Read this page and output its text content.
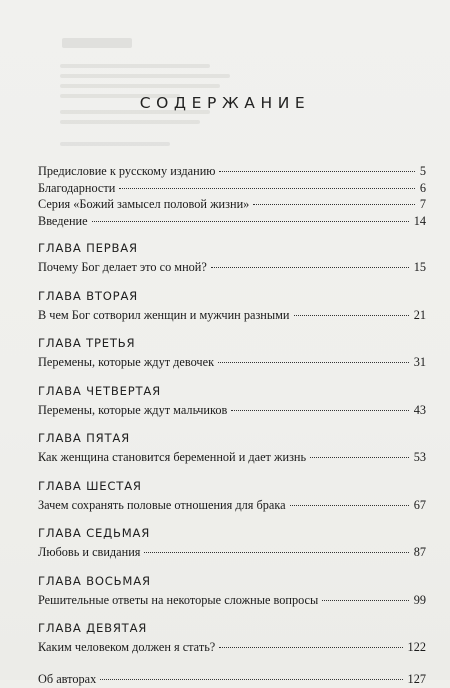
СОДЕРЖАНИЕ
Предисловие к русскому изданию	5
Благодарности	6
Серия «Божий замысел половой жизни»	7
Введение	14
ГЛАВА ПЕРВАЯ
Почему Бог делает это со мной?	15
ГЛАВА ВТОРАЯ
В чем Бог сотворил женщин и мужчин разными	21
ГЛАВА ТРЕТЬЯ
Перемены, которые ждут девочек	31
ГЛАВА ЧЕТВЕРТАЯ
Перемены, которые ждут мальчиков	43
ГЛАВА ПЯТАЯ
Как женщина становится беременной и дает жизнь	53
ГЛАВА ШЕСТАЯ
Зачем сохранять половые отношения для брака	67
ГЛАВА СЕДЬМАЯ
Любовь и свидания	87
ГЛАВА ВОСЬМАЯ
Решительные ответы на некоторые сложные вопросы	99
ГЛАВА ДЕВЯТАЯ
Каким человеком должен я стать?	122
Об авторах	127
